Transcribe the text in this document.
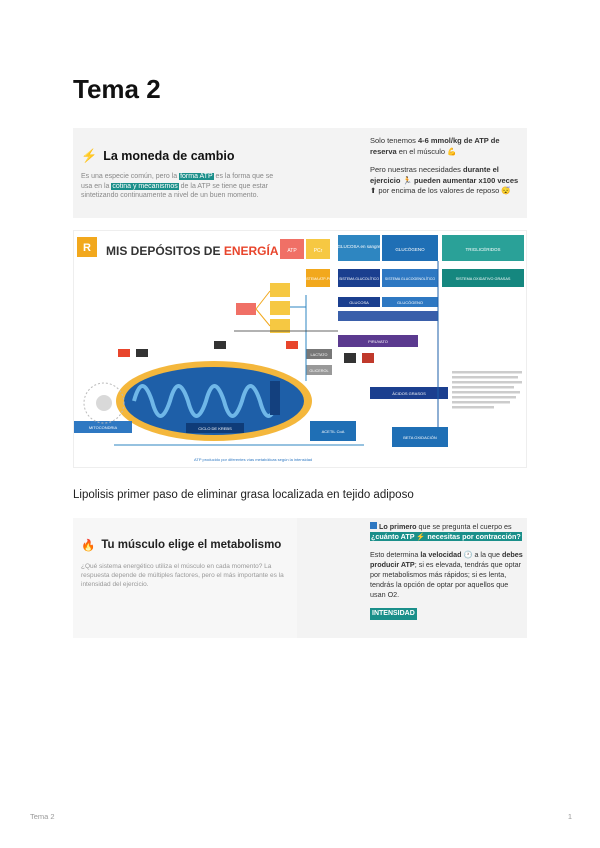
Tema 2
⚡ La moneda de cambio
Es una especie común, pero la forma ATP es la forma que se usa en la cotina y mecanismos de la ATP se tiene que estar sintetizando continuamente a nivel de un buen momento.

Solo tenemos 4-6 mmol/kg de ATP de reserva en el músculo 💪

Pero nuestras necesidades durante el ejercicio 🏃 pueden aumentar x100 veces ⬆ por encima de los valores de reposo 😴

R MIS DEPÓSITOS DE ENERGÍA ATP	PCr
GLUCOSA en sangre
GLUCÓGENO	TRIGLICÉRIDOS
SISTEMA ATP-PCr SISTEMA GLUCOLÍTICO SISTEMA GLUCOGENOLÍTICO	SISTEMA OXIDATIVO GRASAS
GLUCOSA	GLUCÓGENO
PIRUVATO
LACTATO
GLICEROL
ÁCIDOS GRASOS
ACETIL CoA
BETA OXIDACIÓN
CICLO DE KREBS
MITOCONDRIA
ATP producido por diferentes vías metabólicas según la intensidad
Lipolisis primer paso de eliminar grasa localizada en tejido adiposo
🔥 Tu músculo elige el metabolismo
¿Qué sistema energético utiliza el músculo en cada momento? La respuesta depende de múltiples factores, pero el más importante es la intensidad del ejercicio.

Lo primero que se pregunta el cuerpo es ¿cuánto ATP ⚡ necesitas por contracción?

Esto determina la velocidad 🕐 a la que debes producir ATP; si es elevada, tendrás que optar por metabolismos más rápidos; si es lenta, tendrás la opción de optar por aquellos que usan O2.

INTENSIDAD
Tema 2	1
